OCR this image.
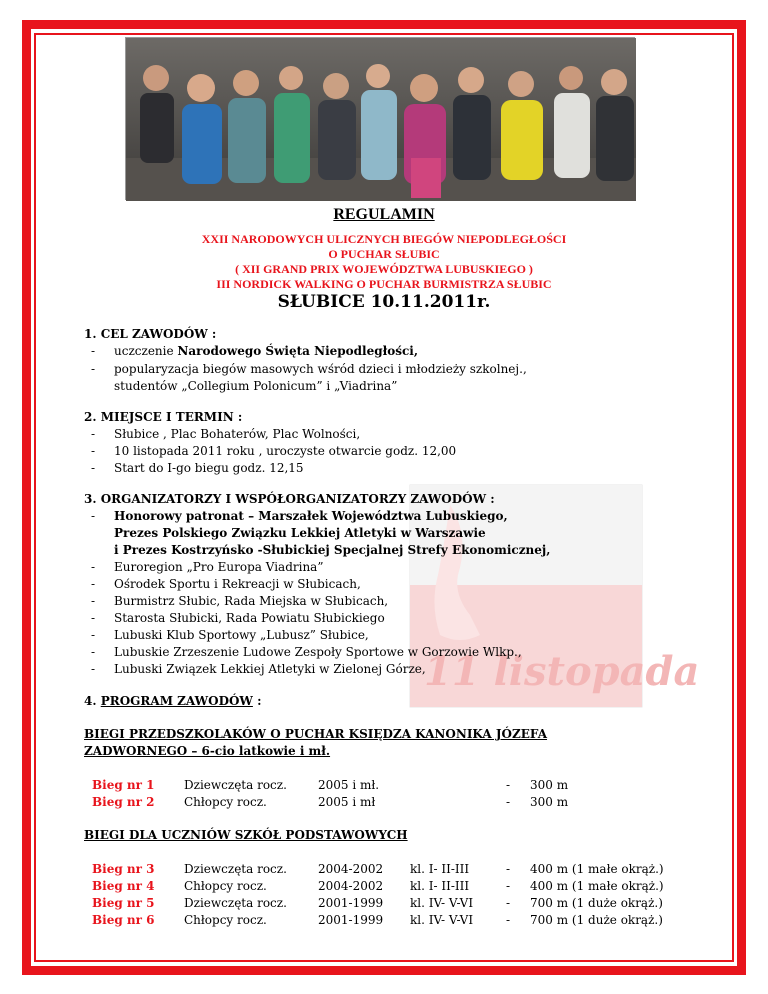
11 listopada
REGULAMIN
XXII NARODOWYCH ULICZNYCH BIEGÓW NIEPODLEGŁOŚCI
O PUCHAR SŁUBIC
( XII GRAND PRIX WOJEWÓDZTWA LUBUSKIEGO )
III NORDICK WALKING O PUCHAR BURMISTRZA SŁUBIC
SŁUBICE 10.11.2011r.
1. CEL ZAWODÓW :
- uczczenie Narodowego Święta Niepodległości,
- popularyzacja biegów masowych wśród dzieci i młodzieży szkolnej.,
studentów „Collegium Polonicum” i „Viadrina”
2. MIEJSCE I TERMIN :
- Słubice , Plac Bohaterów, Plac Wolności,
- 10 listopada 2011 roku , uroczyste otwarcie godz. 12,00
- Start do I-go biegu godz. 12,15
3. ORGANIZATORZY I WSPÓŁORGANIZATORZY ZAWODÓW :
- Honorowy patronat – Marszałek Województwa Lubuskiego,
Prezes Polskiego Związku Lekkiej Atletyki w Warszawie
i Prezes Kostrzyńsko -Słubickiej Specjalnej Strefy Ekonomicznej,
- Euroregion „Pro Europa Viadrina”
- Ośrodek Sportu i Rekreacji w Słubicach,
- Burmistrz Słubic, Rada Miejska w Słubicach,
- Starosta Słubicki, Rada Powiatu Słubickiego
- Lubuski Klub Sportowy „Lubusz” Słubice,
- Lubuskie Zrzeszenie Ludowe Zespoły Sportowe w Gorzowie Wlkp.,
- Lubuski Związek Lekkiej Atletyki w Zielonej Górze,
4. PROGRAM ZAWODÓW :
BIEGI PRZEDSZKOLAKÓW O PUCHAR KSIĘDZA KANONIKA JÓZEFA
ZADWORNEGO – 6-cio latkowie i mł.
Bieg nr 1 Dziewczęta rocz.	2005 i mł.	- 300 m
Bieg nr 2 Chłopcy rocz.	2005 i mł	- 300 m
BIEGI DLA UCZNIÓW SZKÓŁ PODSTAWOWYCH
Bieg nr 3 Dziewczęta rocz.	2004-2002 kl. I- II-III	- 400 m (1 małe okrąż.)
Bieg nr 4 Chłopcy rocz.	2004-2002 kl. I- II-III	- 400 m (1 małe okrąż.)
Bieg nr 5 Dziewczęta rocz.	2001-1999 kl. IV- V-VI	- 700 m (1 duże okrąż.)
Bieg nr 6 Chłopcy rocz.	2001-1999 kl. IV- V-VI	- 700 m (1 duże okrąż.)
